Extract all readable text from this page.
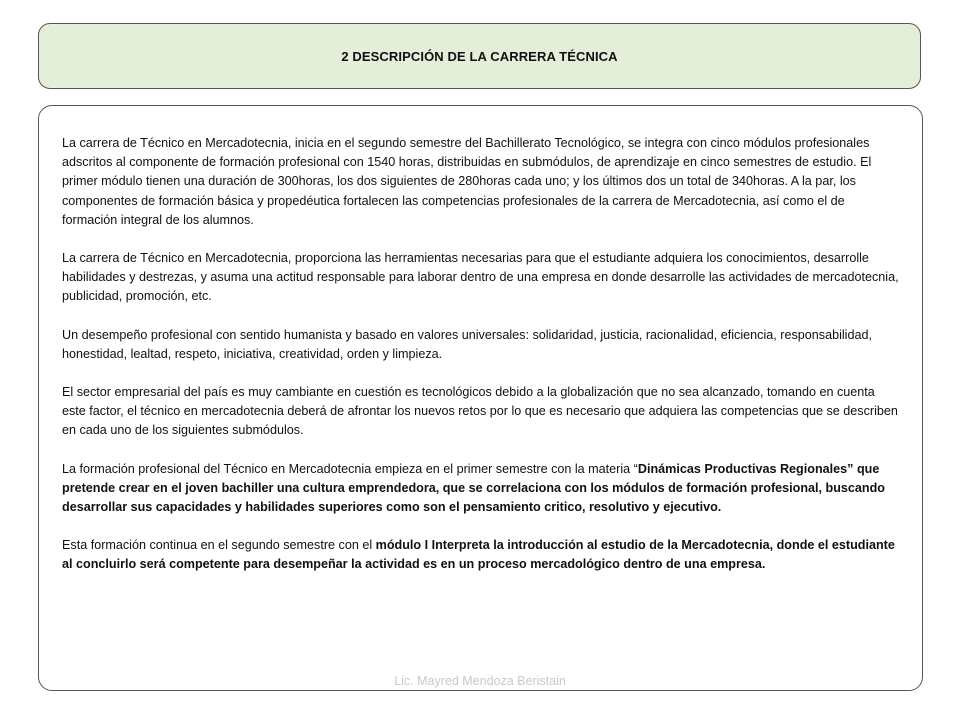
2 DESCRIPCIÓN DE LA CARRERA TÉCNICA

La carrera de Técnico en Mercadotecnia, inicia en el segundo semestre del Bachillerato Tecnológico, se integra con cinco módulos profesionales adscritos al componente de formación profesional con 1540 horas, distribuidas en submódulos, de aprendizaje en cinco semestres de estudio. El primer módulo tienen una duración de 300horas, los dos siguientes de 280horas cada uno; y los últimos dos un total de 340horas. A la par, los componentes de formación básica y propedéutica fortalecen las competencias profesionales de la carrera de Mercadotecnia, así como el de formación integral de los alumnos.

La carrera de Técnico en Mercadotecnia, proporciona las herramientas necesarias para que el estudiante adquiera los conocimientos, desarrolle habilidades y destrezas, y asuma una actitud responsable para laborar dentro de una empresa en donde desarrolle las actividades de mercadotecnia, publicidad, promoción, etc.

Un desempeño profesional con sentido humanista y basado en valores universales: solidaridad, justicia, racionalidad, eficiencia, responsabilidad, honestidad, lealtad, respeto, iniciativa, creatividad, orden y limpieza.

El sector empresarial del país es muy cambiante en cuestión es tecnológicos debido a la globalización que no sea alcanzado, tomando en cuenta este factor, el técnico en mercadotecnia deberá de afrontar los nuevos retos por lo que es necesario que adquiera las competencias que se describen en cada uno de los siguientes submódulos.

La formación profesional del Técnico en Mercadotecnia empieza en el primer semestre con la materia “Dinámicas Productivas Regionales” que pretende crear en el joven bachiller una cultura emprendedora, que se correlaciona con los módulos de formación profesional, buscando desarrollar sus capacidades y habilidades superiores como son el pensamiento critico, resolutivo y ejecutivo.

Esta formación continua en el segundo semestre con el módulo I Interpreta la introducción al estudio de la Mercadotecnia, donde el estudiante al concluirlo será competente para desempeñar la actividad es en un proceso mercadológico dentro de una empresa.

Lic. Mayred Mendoza Beristain
